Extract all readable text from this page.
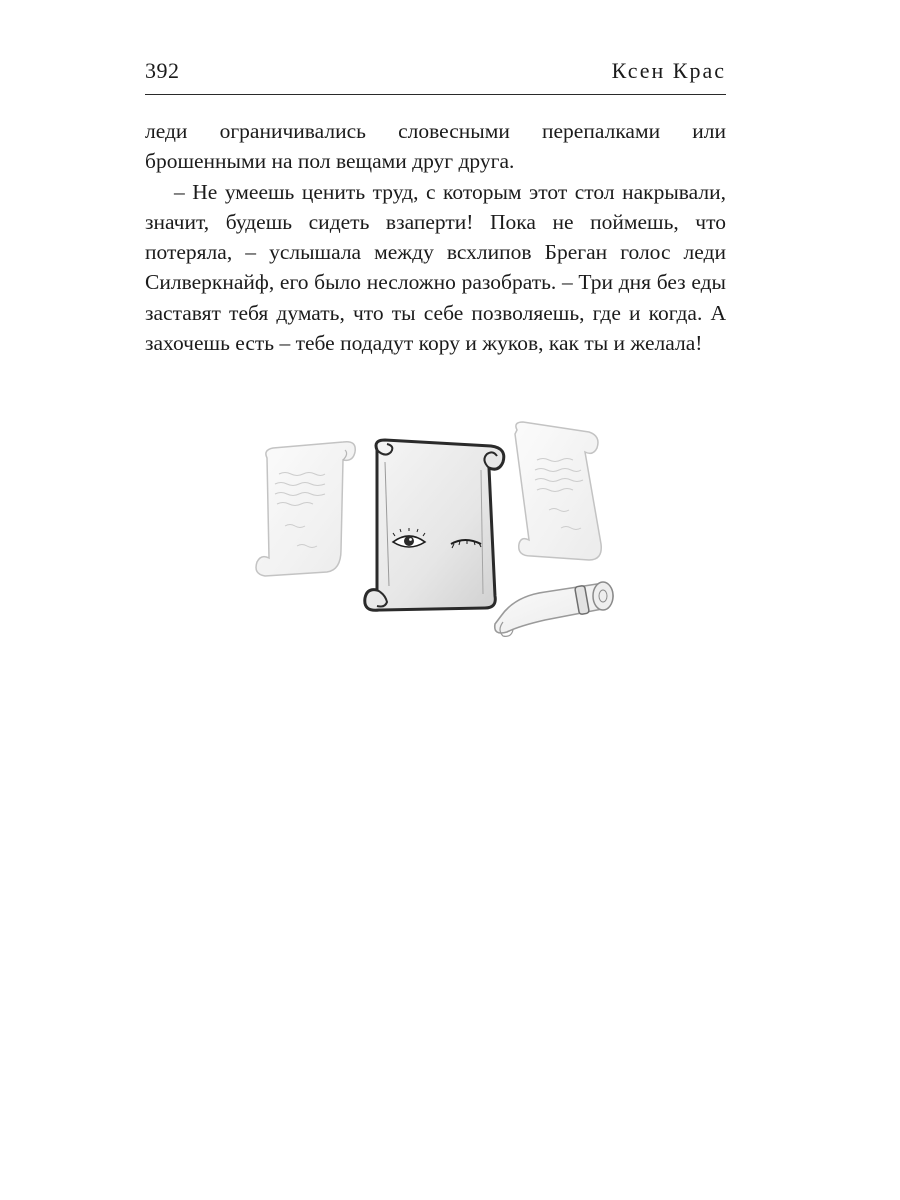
392	Ксен Крас

леди ограничивались словесными перепалками или брошенными на пол вещами друг друга.

– Не умеешь ценить труд, с которым этот стол накрывали, значит, будешь сидеть взаперти! Пока не поймешь, что потеряла, – услышала между всхлипов Бреган голос леди Силверкнайф, его было несложно разобрать. – Три дня без еды заставят тебя думать, что ты себе позволяешь, где и когда. А захочешь есть – тебе подадут кору и жуков, как ты и желала!
